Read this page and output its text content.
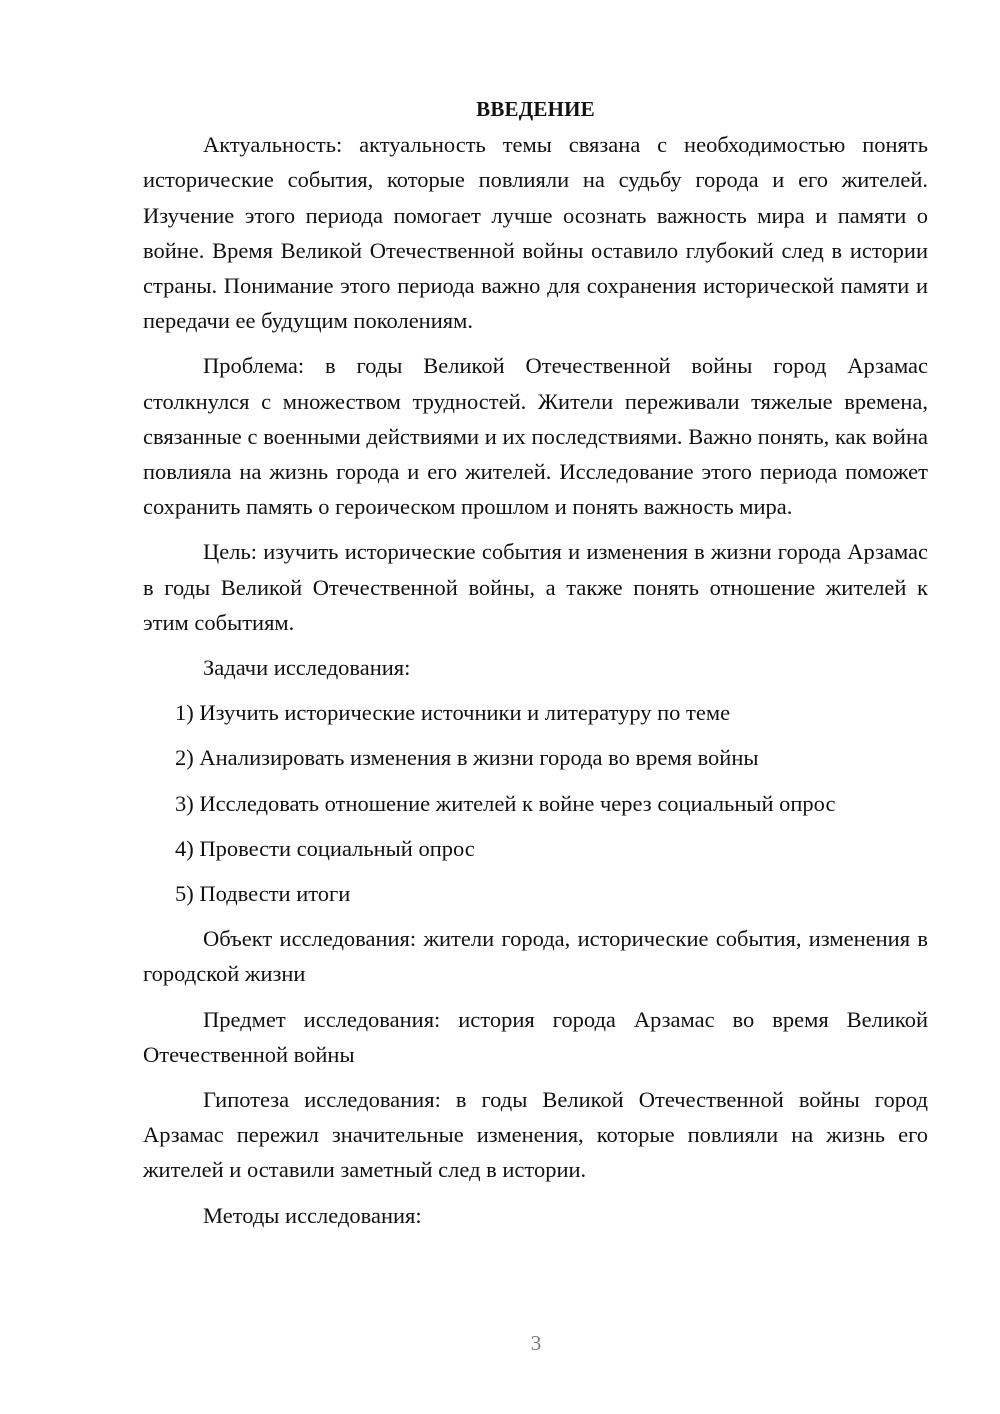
ВВЕДЕНИЕ

Актуальность: актуальность темы связана с необходимостью понять исторические события, которые повлияли на судьбу города и его жителей. Изучение этого периода помогает лучше осознать важность мира и памяти о войне. Время Великой Отечественной войны оставило глубокий след в истории страны. Понимание этого периода важно для сохранения исторической памяти и передачи ее будущим поколениям.

Проблема: в годы Великой Отечественной войны город Арзамас столкнулся с множеством трудностей. Жители переживали тяжелые времена, связанные с военными действиями и их последствиями. Важно понять, как война повлияла на жизнь города и его жителей. Исследование этого периода поможет сохранить память о героическом прошлом и понять важность мира.

Цель: изучить исторические события и изменения в жизни города Арзамас в годы Великой Отечественной войны, а также понять отношение жителей к этим событиям.

Задачи исследования:

1) Изучить исторические источники и литературу по теме

2) Анализировать изменения в жизни города во время войны

3) Исследовать отношение жителей к войне через социальный опрос

4) Провести социальный опрос

5) Подвести итоги

Объект исследования: жители города, исторические события, изменения в городской жизни

Предмет исследования: история города Арзамас во время Великой Отечественной войны

Гипотеза исследования: в годы Великой Отечественной войны город Арзамас пережил значительные изменения, которые повлияли на жизнь его жителей и оставили заметный след в истории.

Методы исследования:

3
